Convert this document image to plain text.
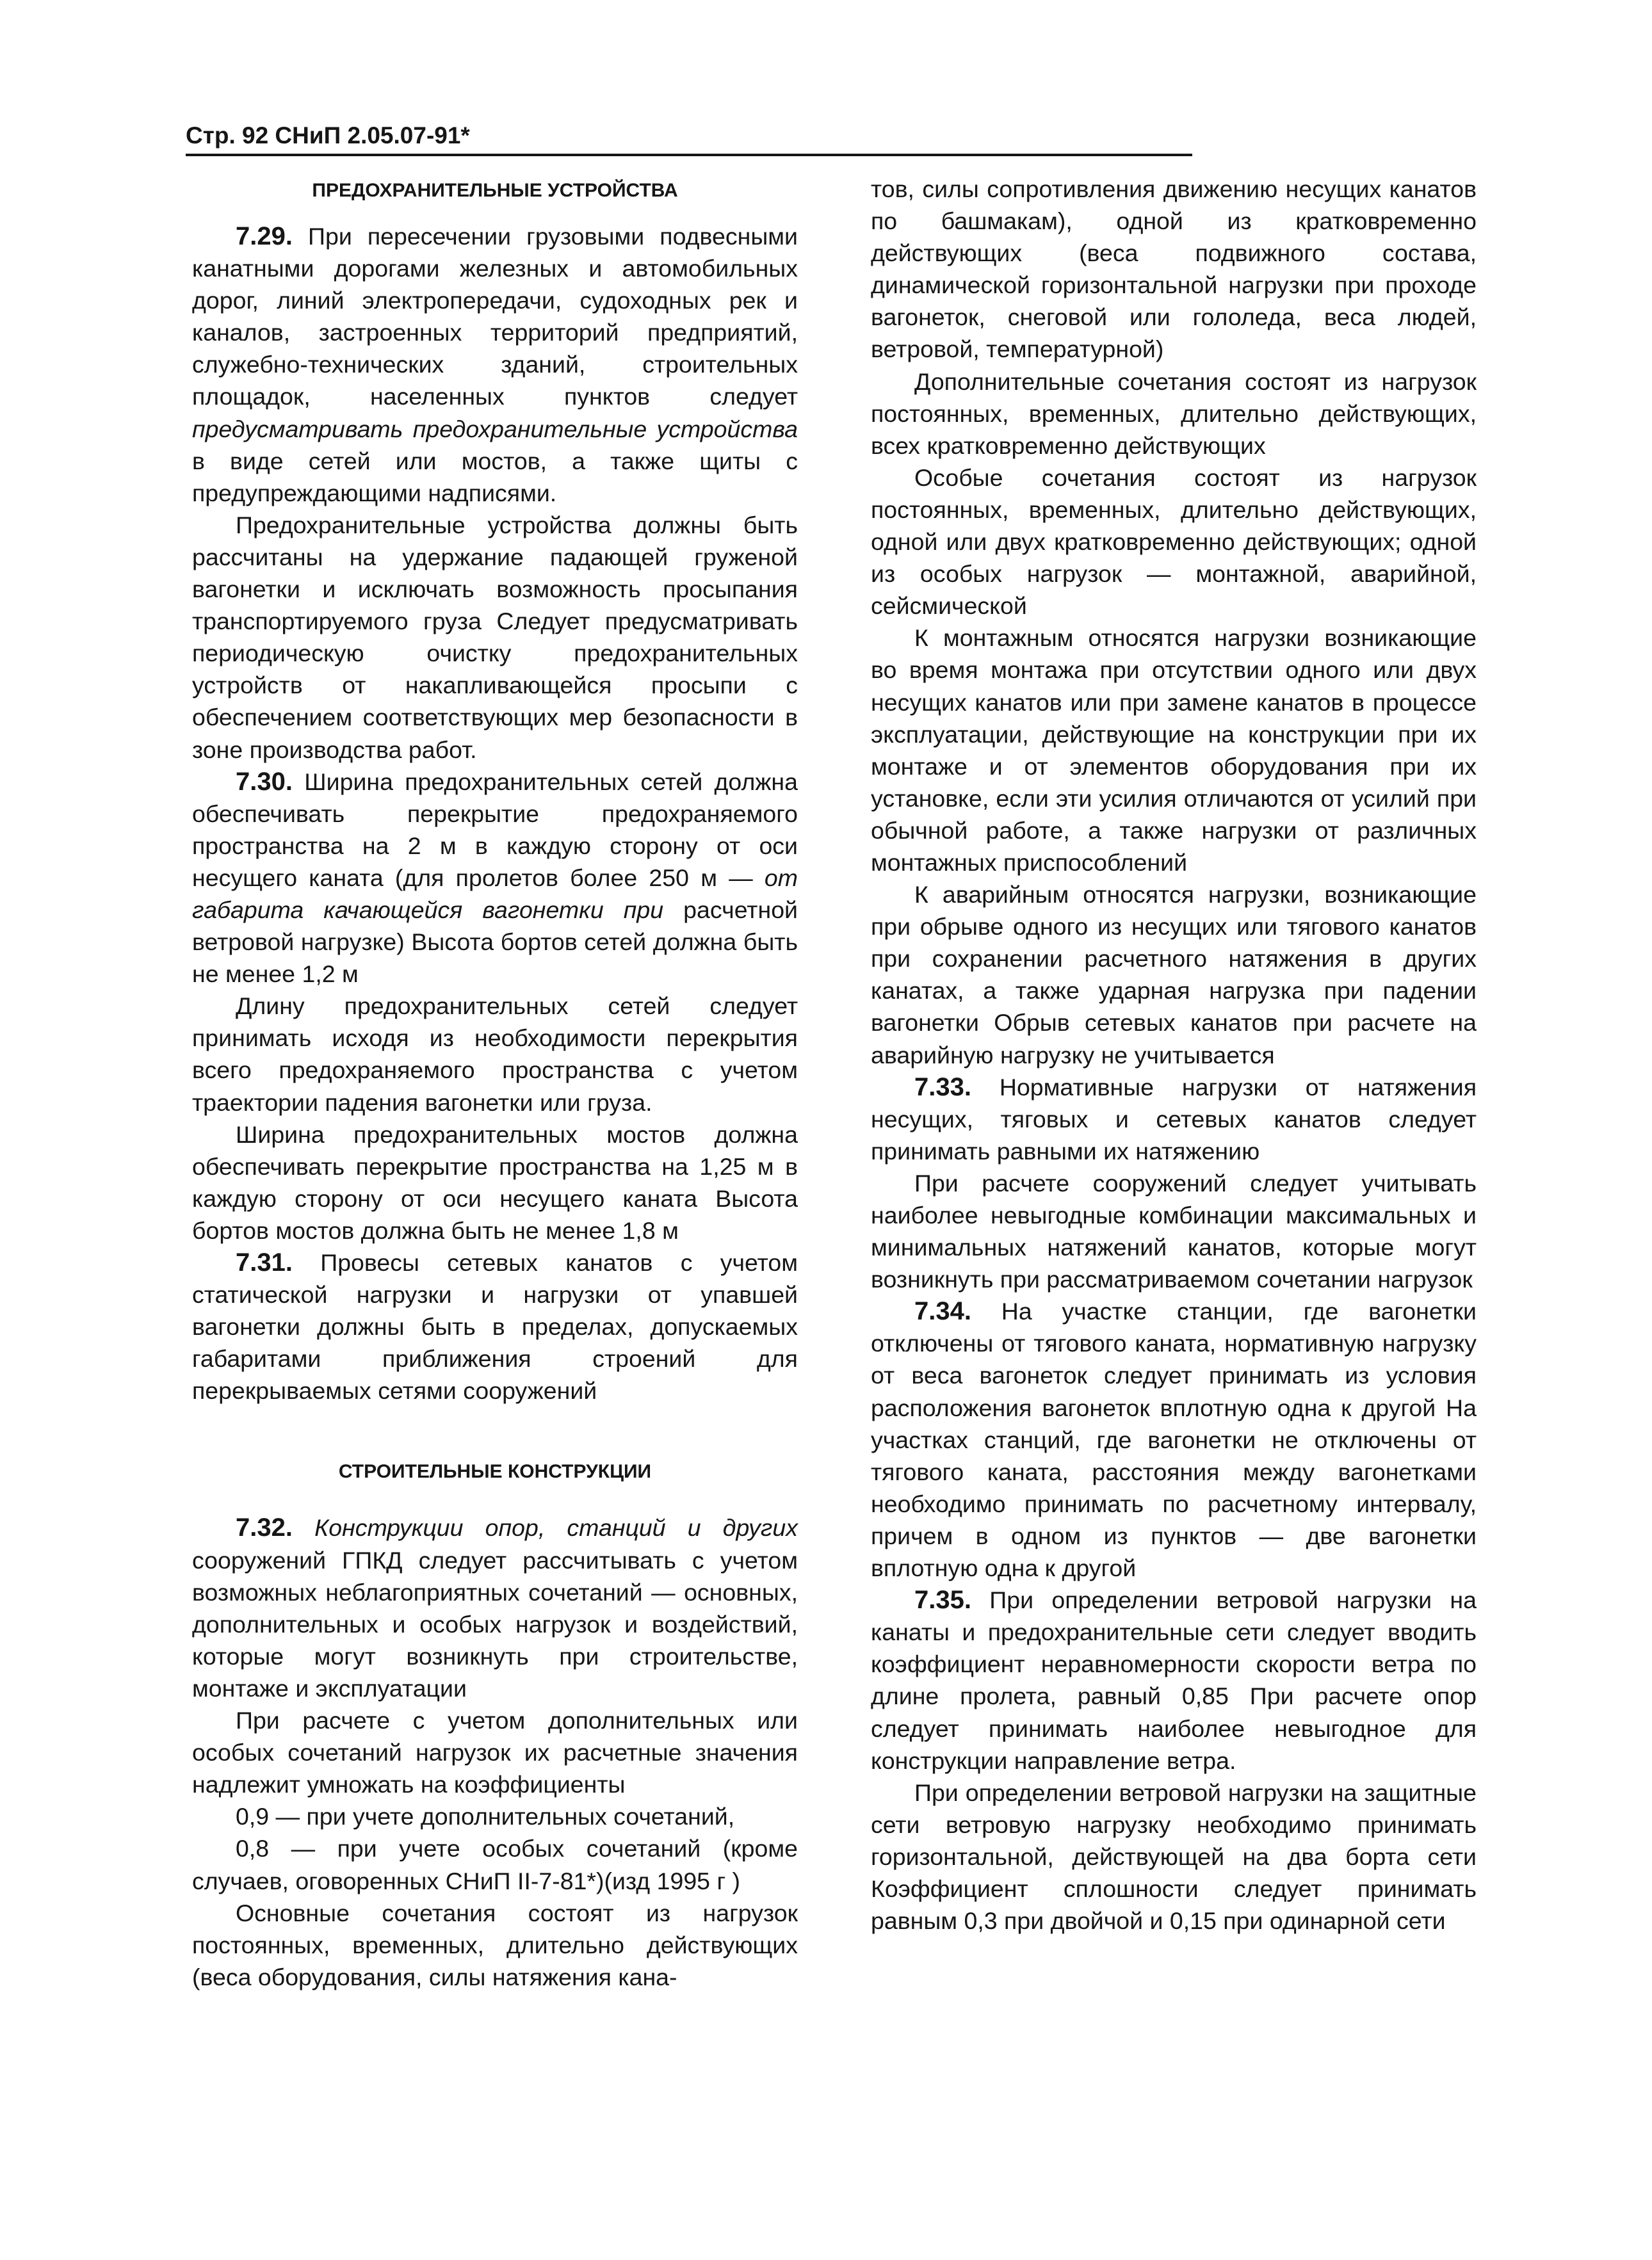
Стр. 92 СНиП 2.05.07-91*
ПРЕДОХРАНИТЕЛЬНЫЕ УСТРОЙСТВА

7.29. При пересечении грузовыми подвесными канатными дорогами железных и автомобильных дорог, линий электропередачи, судоходных рек и каналов, застроенных территорий предприятий, служебно-технических зданий, строительных площадок, населенных пунктов следует предусматривать предохранительные устройства в виде сетей или мостов, а также щиты с предупреждающими надписями.

Предохранительные устройства должны быть рассчитаны на удержание падающей груженой вагонетки и исключать возможность просыпания транспортируемого груза Следует предусматривать периодическую очистку предохранительных устройств от накапливающейся просыпи с обеспечением соответствующих мер безопасности в зоне производства работ.

7.30. Ширина предохранительных сетей должна обеспечивать перекрытие предохраняемого пространства на 2 м в каждую сторону от оси несущего каната (для пролетов более 250 м — от габарита качающейся вагонетки при расчетной ветровой нагрузке) Высота бортов сетей должна быть не менее 1,2 м

Длину предохранительных сетей следует принимать исходя из необходимости перекрытия всего предохраняемого пространства с учетом траектории падения вагонетки или груза.

Ширина предохранительных мостов должна обеспечивать перекрытие пространства на 1,25 м в каждую сторону от оси несущего каната Высота бортов мостов должна быть не менее 1,8 м

7.31. Провесы сетевых канатов с учетом статической нагрузки и нагрузки от упавшей вагонетки должны быть в пределах, допускаемых габаритами приближения строений для перекрываемых сетями сооружений

СТРОИТЕЛЬНЫЕ КОНСТРУКЦИИ

7.32. Конструкции опор, станций и других сооружений ГПКД следует рассчитывать с учетом возможных неблагоприятных сочетаний — основных, дополнительных и особых нагрузок и воздействий, которые могут возникнуть при строительстве, монтаже и эксплуатации

При расчете с учетом дополнительных или особых сочетаний нагрузок их расчетные значения надлежит умножать на коэффициенты

0,9 — при учете дополнительных сочетаний,

0,8 — при учете особых сочетаний (кроме случаев, оговоренных СНиП II-7-81*)(изд 1995 г )

Основные сочетания состоят из нагрузок постоянных, временных, длительно действующих (веса оборудования, силы натяжения кана-

тов, силы сопротивления движению несущих канатов по башмакам), одной из кратковременно действующих (веса подвижного состава, динамической горизонтальной нагрузки при проходе вагонеток, снеговой или гололеда, веса людей, ветровой, температурной)

Дополнительные сочетания состоят из нагрузок постоянных, временных, длительно действующих, всех кратковременно действующих

Особые сочетания состоят из нагрузок постоянных, временных, длительно действующих, одной или двух кратковременно действующих; одной из особых нагрузок — монтажной, аварийной, сейсмической

К монтажным относятся нагрузки возникающие во время монтажа при отсутствии одного или двух несущих канатов или при замене канатов в процессе эксплуатации, действующие на конструкции при их монтаже и от элементов оборудования при их установке, если эти усилия отличаются от усилий при обычной работе, а также нагрузки от различных монтажных приспособлений

К аварийным относятся нагрузки, возникающие при обрыве одного из несущих или тягового канатов при сохранении расчетного натяжения в других канатах, а также ударная нагрузка при падении вагонетки Обрыв сетевых канатов при расчете на аварийную нагрузку не учитывается

7.33. Нормативные нагрузки от натяжения несущих, тяговых и сетевых канатов следует принимать равными их натяжению

При расчете сооружений следует учитывать наиболее невыгодные комбинации максимальных и минимальных натяжений канатов, которые могут возникнуть при рассматриваемом сочетании нагрузок

7.34. На участке станции, где вагонетки отключены от тягового каната, нормативную нагрузку от веса вагонеток следует принимать из условия расположения вагонеток вплотную одна к другой На участках станций, где вагонетки не отключены от тягового каната, расстояния между вагонетками необходимо принимать по расчетному интервалу, причем в одном из пунктов — две вагонетки вплотную одна к другой

7.35. При определении ветровой нагрузки на канаты и предохранительные сети следует вводить коэффициент неравномерности скорости ветра по длине пролета, равный 0,85 При расчете опор следует принимать наиболее невыгодное для конструкции направление ветра.

При определении ветровой нагрузки на защитные сети ветровую нагрузку необходимо принимать горизонтальной, действующей на два борта сети Коэффициент сплошности следует принимать равным 0,3 при двойчой и 0,15 при одинарной сети
